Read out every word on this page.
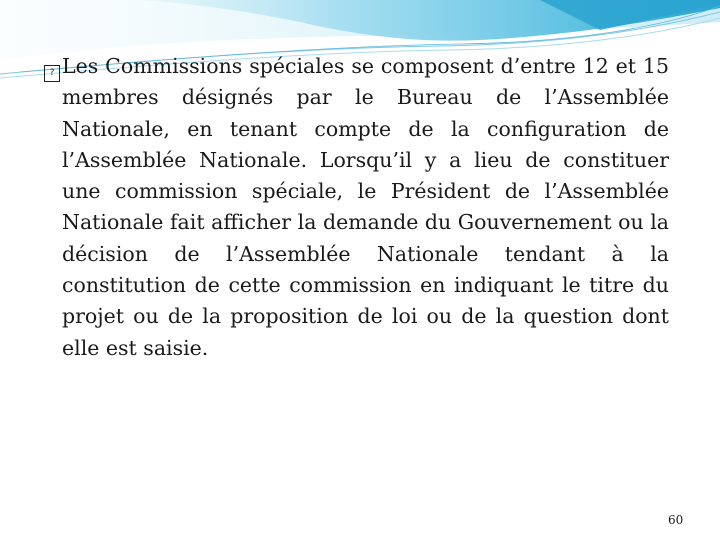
? Les Commissions spéciales se composent d’entre 12 et 15 membres désignés par le Bureau de l’Assemblée Nationale, en tenant compte de la configuration de l’Assemblée Nationale. Lorsqu’il y a lieu de constituer une commission spéciale, le Président de l’Assemblée Nationale fait afficher la demande du Gouvernement ou la décision de l’Assemblée Nationale tendant à la constitution de cette commission en indiquant le titre du projet ou de la proposition de loi ou de la question dont elle est saisie.

60
